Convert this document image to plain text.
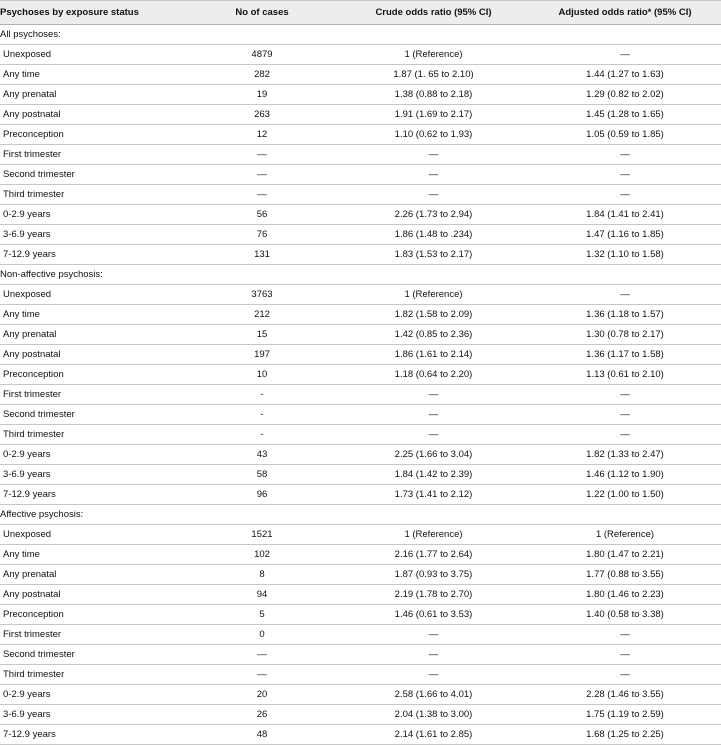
Psychoses by exposure status	No of cases	Crude odds ratio (95% CI)	Adjusted odds ratio* (95% CI)
All psychoses:			
Unexposed	4879	1 (Reference)	—
Any time	282	1.87 (1. 65 to 2.10)	1.44 (1.27 to 1.63)
Any prenatal	19	1.38 (0.88 to 2.18)	1.29 (0.82 to 2.02)
Any postnatal	263	1.91 (1.69 to 2.17)	1.45 (1.28 to 1.65)
Preconception	12	1.10 (0.62 to 1.93)	1.05 (0.59 to 1.85)
First trimester	—	—	—
Second trimester	—	—	—
Third trimester	—	—	—
0-2.9 years	56	2.26 (1.73 to 2.94)	1.84 (1.41 to 2.41)
3-6.9 years	76	1.86 (1.48 to .234)	1.47 (1.16 to 1.85)
7-12.9 years	131	1.83 (1.53 to 2.17)	1.32 (1.10 to 1.58)
Non-affective psychosis:			
Unexposed	3763	1 (Reference)	—
Any time	212	1.82 (1.58 to 2.09)	1.36 (1.18 to 1.57)
Any prenatal	15	1.42 (0.85 to 2.36)	1.30 (0.78 to 2.17)
Any postnatal	197	1.86 (1.61 to 2.14)	1.36 (1.17 to 1.58)
Preconception	10	1.18 (0.64 to 2.20)	1.13 (0.61 to 2.10)
First trimester	-	—	—
Second trimester	-	—	—
Third trimester	-	—	—
0-2.9 years	43	2.25 (1.66 to 3.04)	1.82 (1.33 to 2.47)
3-6.9 years	58	1.84 (1.42 to 2.39)	1.46 (1.12 to 1.90)
7-12.9 years	96	1.73 (1.41 to 2.12)	1.22 (1.00 to 1.50)
Affective psychosis:			
Unexposed	1521	1 (Reference)	1 (Reference)
Any time	102	2.16 (1.77 to 2.64)	1.80 (1.47 to 2.21)
Any prenatal	8	1.87 (0.93 to 3.75)	1.77 (0.88 to 3.55)
Any postnatal	94	2.19 (1.78 to 2.70)	1.80 (1.46 to 2.23)
Preconception	5	1.46 (0.61 to 3.53)	1.40 (0.58 to 3.38)
First trimester	0	—	—
Second trimester	—	—	—
Third trimester	—	—	—
0-2.9 years	20	2.58 (1.66 to 4.01)	2.28 (1.46 to 3.55)
3-6.9 years	26	2.04 (1.38 to 3.00)	1.75 (1.19 to 2.59)
7-12.9 years	48	2.14 (1.61 to 2.85)	1.68 (1.25 to 2.25)
